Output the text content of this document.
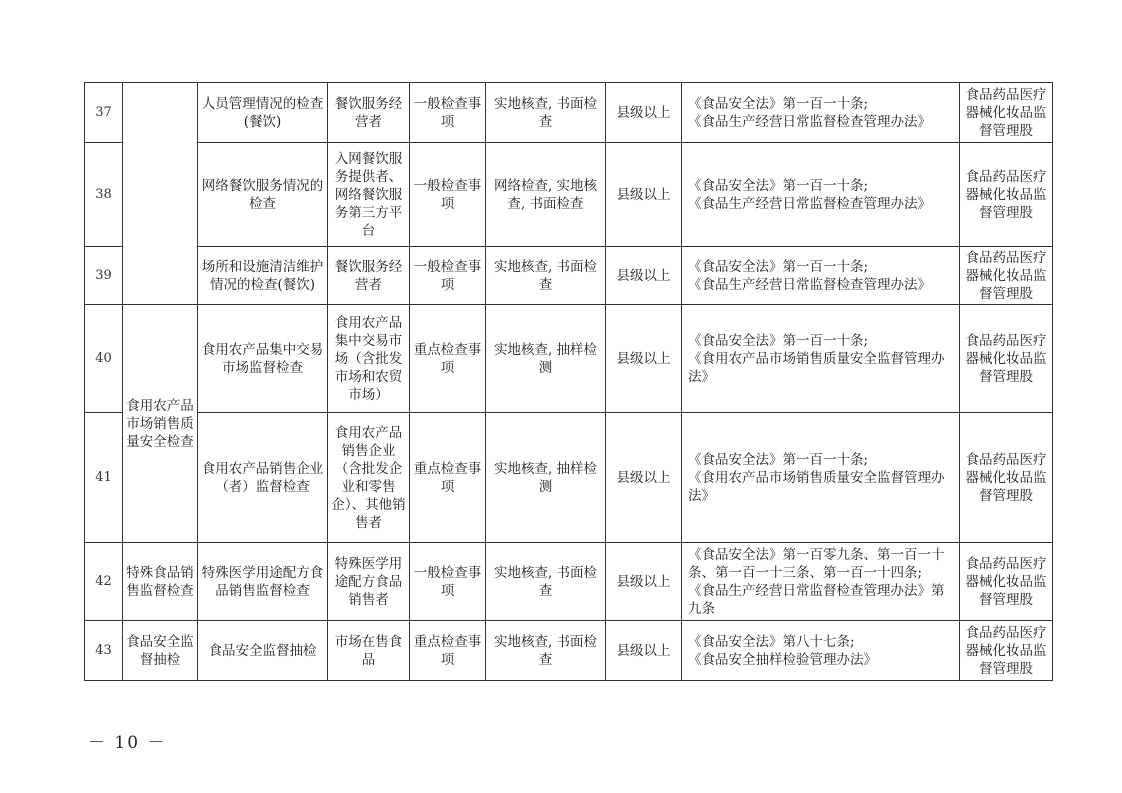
37		人员管理情况的检查(餐饮)	餐饮服务经营者	一般检查事项	实地核查, 书面检查	县级以上	《食品安全法》第一百一十条;
《食品生产经营日常监督检查管理办法》	食品药品医疗器械化妆品监督管理股
38		网络餐饮服务情况的检查	入网餐饮服务提供者、网络餐饮服务第三方平台	一般检查事项	网络检查, 实地核查, 书面检查	县级以上	《食品安全法》第一百一十条;
《食品生产经营日常监督检查管理办法》	食品药品医疗器械化妆品监督管理股
39		场所和设施清洁维护情况的检查(餐饮)	餐饮服务经营者	一般检查事项	实地核查, 书面检查	县级以上	《食品安全法》第一百一十条;
《食品生产经营日常监督检查管理办法》	食品药品医疗器械化妆品监督管理股
40	食用农产品市场销售质量安全检查	食用农产品集中交易市场监督检查	食用农产品集中交易市场（含批发市场和农贸市场）	重点检查事项	实地核查, 抽样检测	县级以上	《食品安全法》第一百一十条;
《食用农产品市场销售质量安全监督管理办法》	食品药品医疗器械化妆品监督管理股
41		食用农产品销售企业（者）监督检查	食用农产品销售企业（含批发企业和零售企）、其他销售者	重点检查事项	实地核查, 抽样检测	县级以上	《食品安全法》第一百一十条;
《食用农产品市场销售质量安全监督管理办法》	食品药品医疗器械化妆品监督管理股
42	特殊食品销售监督检查	特殊医学用途配方食品销售监督检查	特殊医学用途配方食品销售者	一般检查事项	实地核查, 书面检查	县级以上	《食品安全法》第一百零九条、第一百一十条、第一百一十三条、第一百一十四条;
《食品生产经营日常监督检查管理办法》第九条	食品药品医疗器械化妆品监督管理股
43	食品安全监督抽检	食品安全监督抽检	市场在售食品	重点检查事项	实地核查, 书面检查	县级以上	《食品安全法》第八十七条;
《食品安全抽样检验管理办法》	食品药品医疗器械化妆品监督管理股
－ 10 －
